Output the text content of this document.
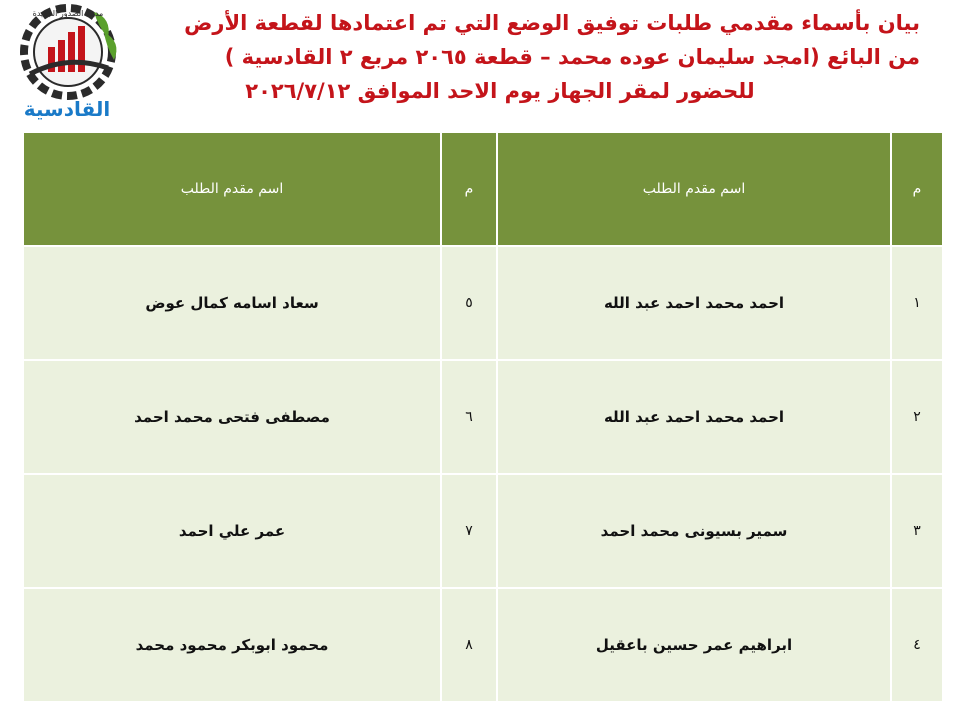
مدينة الصدور الجديدة
القادسية
بيان بأسماء مقدمي طلبات توفيق الوضع التي تم اعتمادها لقطعة الأرض
من البائع (امجد سليمان عوده محمد – قطعة ٢٠٦٥ مربع ٢ القادسية )
للحضور لمقر الجهاز يوم الاحد الموافق ٢٠٢٦/٧/١٢
م
اسم مقدم الطلب
م
اسم مقدم الطلب
١
احمد محمد احمد عبد الله
٥
سعاد اسامه كمال عوض
٢
احمد محمد احمد عبد الله
٦
مصطفى فتحى محمد احمد
٣
سمير بسيونى محمد احمد
٧
عمر علي احمد
٤
ابراهيم عمر حسين باعقيل
٨
محمود ابوبكر محمود محمد
